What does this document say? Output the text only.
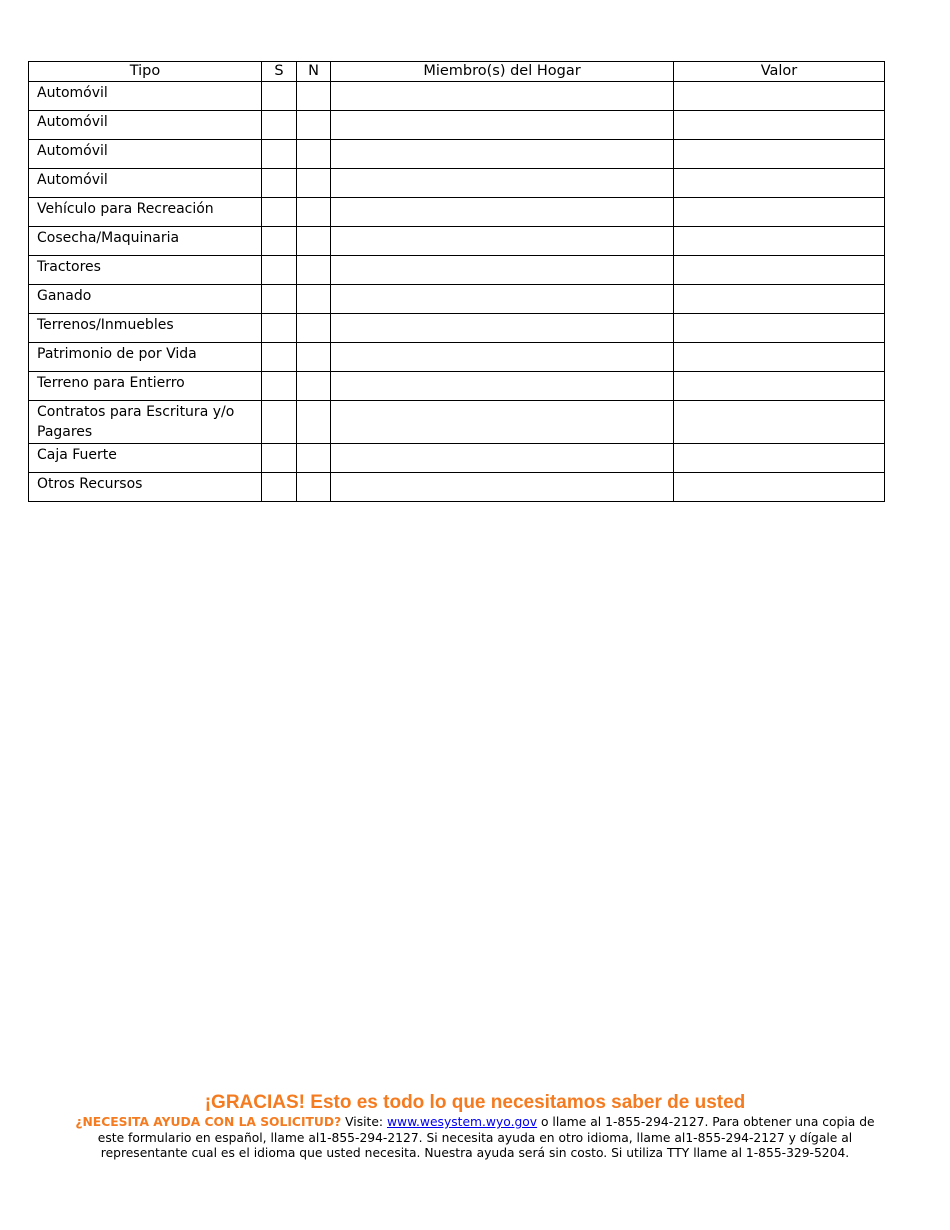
Tipo	S	N	Miembro(s) del Hogar	Valor
Automóvil				
Automóvil				
Automóvil				
Automóvil				
Vehículo para Recreación				
Cosecha/Maquinaria				
Tractores				
Ganado				
Terrenos/Inmuebles				
Patrimonio de por Vida				
Terreno para Entierro				
Contratos para Escritura y/o Pagares				
Caja Fuerte				
Otros Recursos				
¡GRACIAS! Esto es todo lo que necesitamos saber de usted
¿NECESITA AYUDA CON LA SOLICITUD? Visite: www.wesystem.wyo.gov o llame al 1-855-294-2127. Para obtener una copia de este formulario en español, llame al1-855-294-2127. Si necesita ayuda en otro idioma, llame al1-855-294-2127 y dígale al representante cual es el idioma que usted necesita. Nuestra ayuda será sin costo. Si utiliza TTY llame al 1-855-329-5204.
